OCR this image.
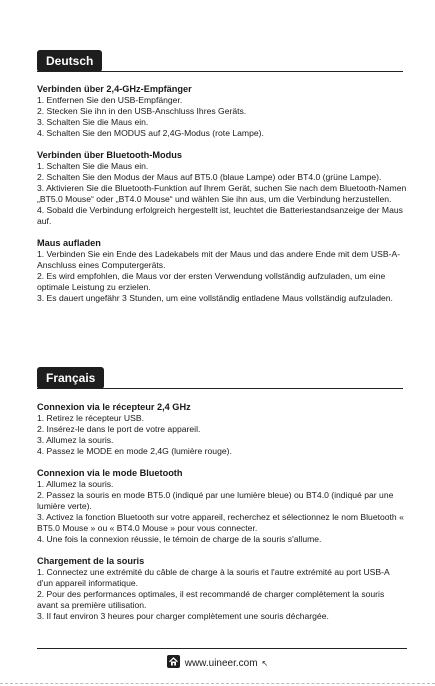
Deutsch
Verbinden über 2,4-GHz-Empfänger

1. Entfernen Sie den USB-Empfänger.

2. Stecken Sie ihn in den USB-Anschluss Ihres Geräts.

3. Schalten Sie die Maus ein.

4. Schalten Sie den MODUS auf 2,4G-Modus (rote Lampe).

Verbinden über Bluetooth-Modus

1. Schalten Sie die Maus ein.

2. Schalten Sie den Modus der Maus auf BT5.0 (blaue Lampe) oder BT4.0 (grüne Lampe).

3. Aktivieren Sie die Bluetooth-Funktion auf Ihrem Gerät, suchen Sie nach dem Bluetooth-Namen „BT5.0 Mouse“ oder „BT4.0 Mouse“ und wählen Sie ihn aus, um die Verbindung herzustellen.

4. Sobald die Verbindung erfolgreich hergestellt ist, leuchtet die Batteriestandsanzeige der Maus auf.

Maus aufladen

1. Verbinden Sie ein Ende des Ladekabels mit der Maus und das andere Ende mit dem USB-A-Anschluss eines Computergeräts.

2. Es wird empfohlen, die Maus vor der ersten Verwendung vollständig aufzuladen, um eine optimale Leistung zu erzielen.

3. Es dauert ungefähr 3 Stunden, um eine vollständig entladene Maus vollständig aufzuladen.

Français
Connexion via le récepteur 2,4 GHz

1. Retirez le récepteur USB.

2. Insérez-le dans le port de votre appareil.

3. Allumez la souris.

4. Passez le MODE en mode 2,4G (lumière rouge).

Connexion via le mode Bluetooth

1. Allumez la souris.

2. Passez la souris en mode BT5.0 (indiqué par une lumière bleue) ou BT4.0 (indiqué par une lumière verte).

3. Activez la fonction Bluetooth sur votre appareil, recherchez et sélectionnez le nom Bluetooth « BT5.0 Mouse » ou « BT4.0 Mouse » pour vous connecter.

4. Une fois la connexion réussie, le témoin de charge de la souris s'allume.

Chargement de la souris

1. Connectez une extrémité du câble de charge à la souris et l'autre extrémité au port USB-A d'un appareil informatique.

2. Pour des performances optimales, il est recommandé de charger complètement la souris avant sa première utilisation.

3. Il faut environ 3 heures pour charger complètement une souris déchargée.

www.uineer.com ↖
